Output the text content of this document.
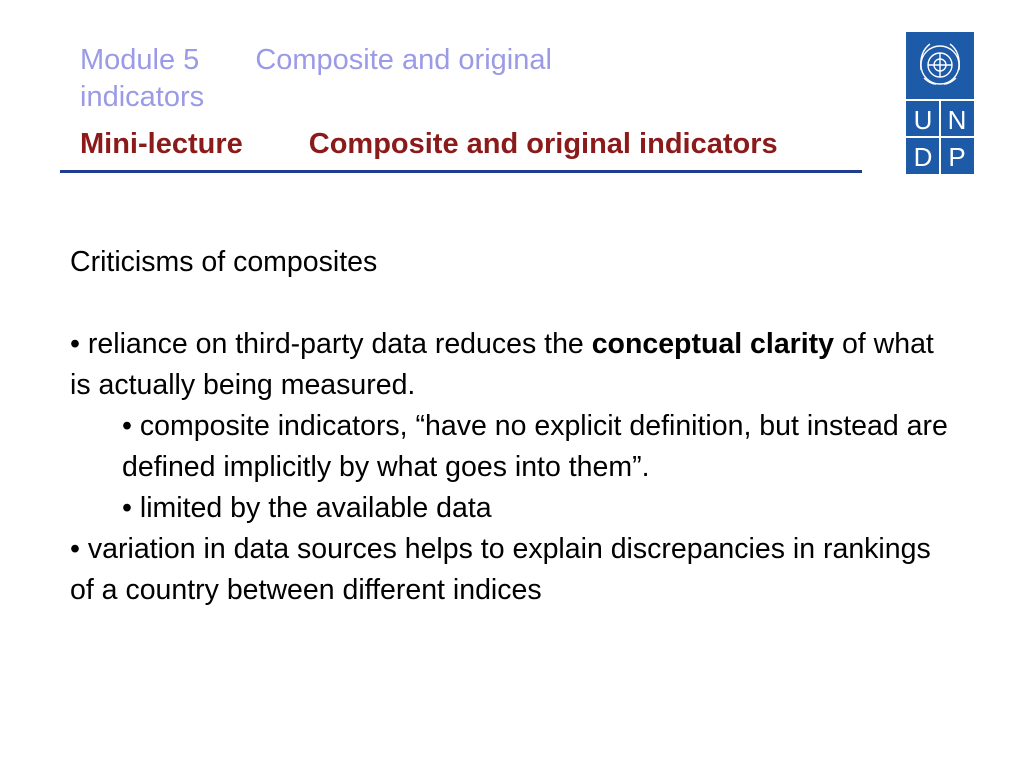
Module 5 Composite and original indicators
Mini-lecture Composite and original indicators
U N
D P

Criticisms of composites

• reliance on third-party data reduces the conceptual clarity of what is actually being measured.

• composite indicators, “have no explicit definition, but instead are defined implicitly by what goes into them”.

• limited by the available data

• variation in data sources helps to explain discrepancies in rankings of a country between different indices
